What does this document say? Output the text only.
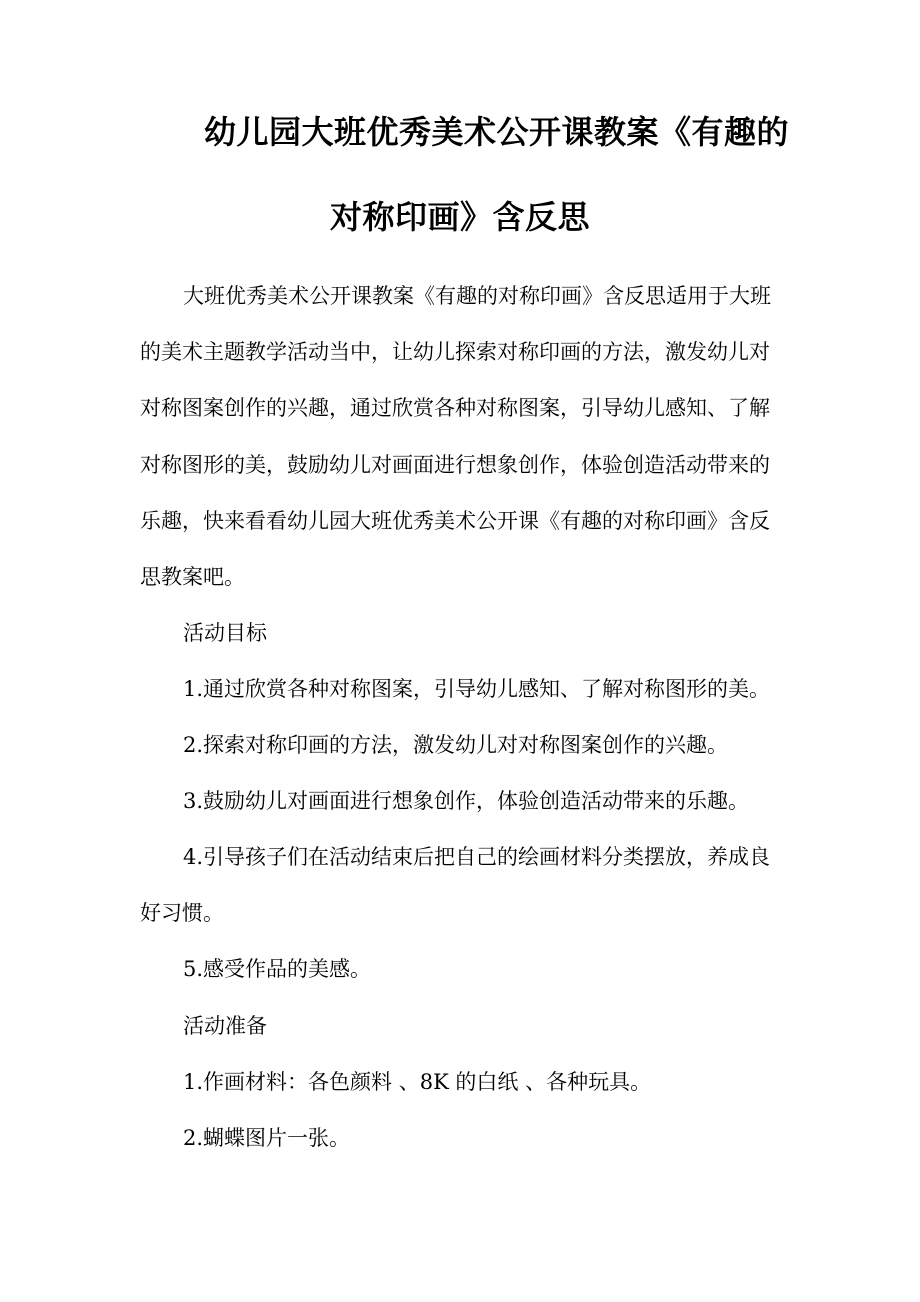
幼儿园大班优秀美术公开课教案《有趣的
对称印画》含反思
大班优秀美术公开课教案《有趣的对称印画》含反思适用于大班
的美术主题教学活动当中，让幼儿探索对称印画的方法，激发幼儿对
对称图案创作的兴趣，通过欣赏各种对称图案，引导幼儿感知、了解
对称图形的美，鼓励幼儿对画面进行想象创作，体验创造活动带来的
乐趣，快来看看幼儿园大班优秀美术公开课《有趣的对称印画》含反
思教案吧。
活动目标
1.通过欣赏各种对称图案，引导幼儿感知、了解对称图形的美。
2.探索对称印画的方法，激发幼儿对对称图案创作的兴趣。
3.鼓励幼儿对画面进行想象创作，体验创造活动带来的乐趣。
4.引导孩子们在活动结束后把自己的绘画材料分类摆放，养成良
好习惯。
5.感受作品的美感。
活动准备
1.作画材料：各色颜料 、8K 的白纸 、各种玩具。
2.蝴蝶图片一张。
